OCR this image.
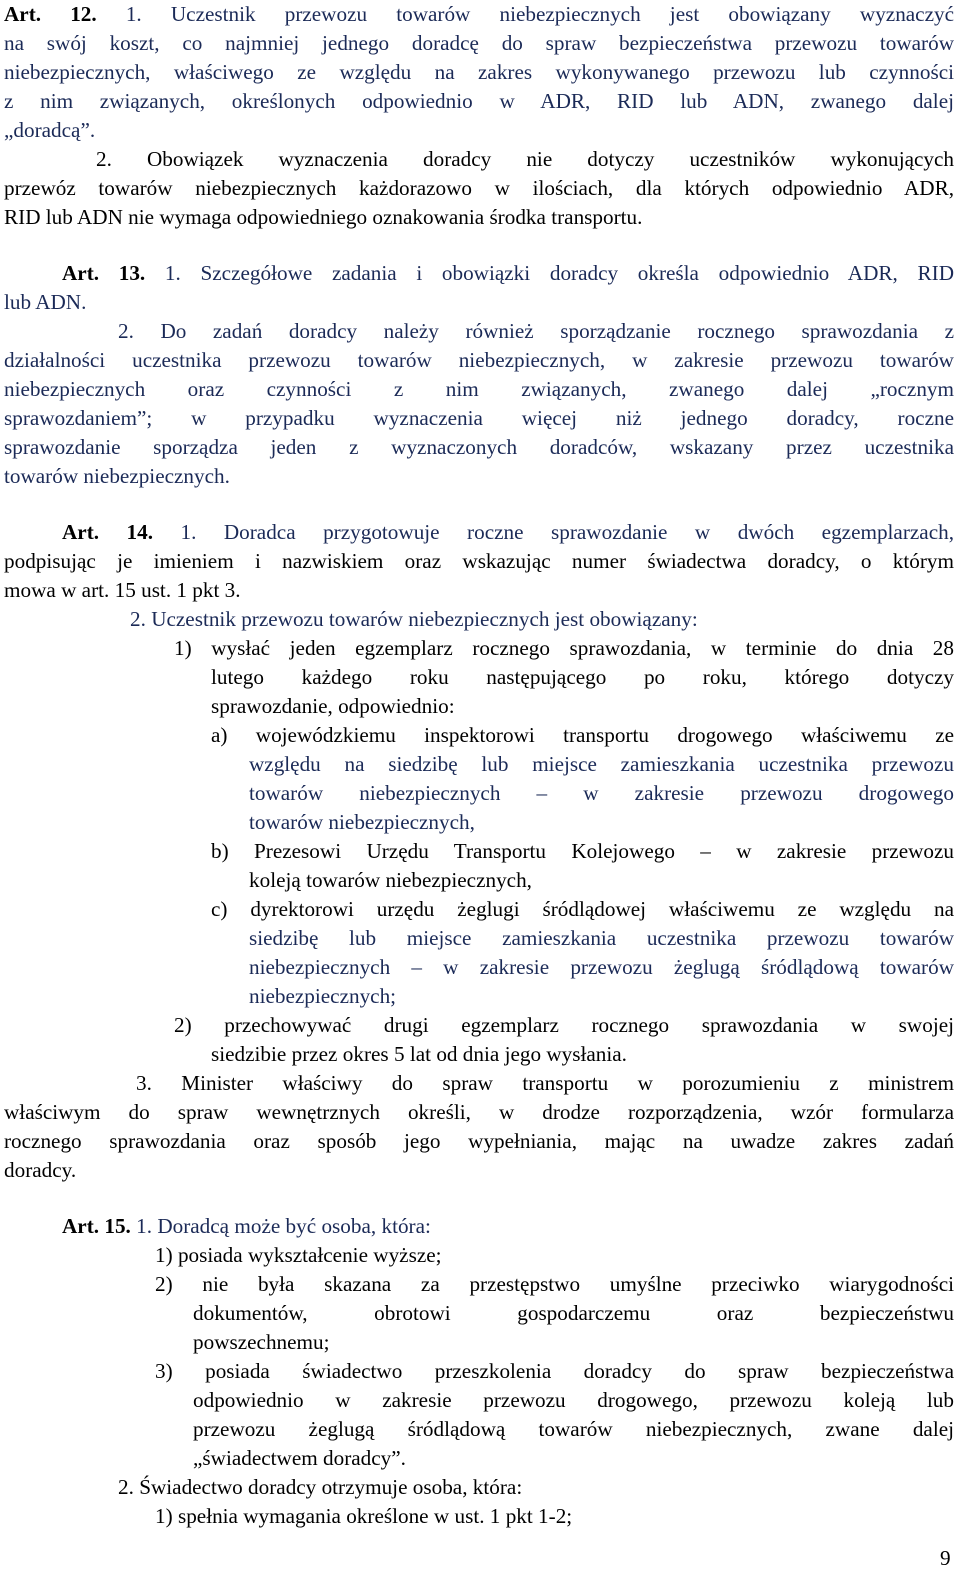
Art. 12. 1. Uczestnik przewozu towarów niebezpiecznych jest obowiązany wyznaczyć
na swój koszt, co najmniej jednego doradcę do spraw bezpieczeństwa przewozu towarów
niebezpiecznych, właściwego ze względu na zakres wykonywanego przewozu lub czynności
z nim związanych, określonych odpowiednio w ADR, RID lub ADN, zwanego dalej
„doradcą”.
2. Obowiązek wyznaczenia doradcy nie dotyczy uczestników wykonujących
przewóz towarów niebezpiecznych każdorazowo w ilościach, dla których odpowiednio ADR,
RID lub ADN nie wymaga odpowiedniego oznakowania środka transportu.
Art. 13. 1. Szczegółowe zadania i obowiązki doradcy określa odpowiednio ADR, RID
lub ADN.
2. Do zadań doradcy należy również sporządzanie rocznego sprawozdania z
działalności uczestnika przewozu towarów niebezpiecznych, w zakresie przewozu towarów
niebezpiecznych oraz czynności z nim związanych, zwanego dalej „rocznym
sprawozdaniem”; w przypadku wyznaczenia więcej niż jednego doradcy, roczne
sprawozdanie sporządza jeden z wyznaczonych doradców, wskazany przez uczestnika
towarów niebezpiecznych.
Art. 14. 1. Doradca przygotowuje roczne sprawozdanie w dwóch egzemplarzach,
podpisując je imieniem i nazwiskiem oraz wskazując numer świadectwa doradcy, o którym
mowa w art. 15 ust. 1 pkt 3.
2. Uczestnik przewozu towarów niebezpiecznych jest obowiązany:
1) wysłać jeden egzemplarz rocznego sprawozdania, w terminie do dnia 28
lutego każdego roku następującego po roku, którego dotyczy
sprawozdanie, odpowiednio:
a) wojewódzkiemu inspektorowi transportu drogowego właściwemu ze
względu na siedzibę lub miejsce zamieszkania uczestnika przewozu
towarów niebezpiecznych – w zakresie przewozu drogowego
towarów niebezpiecznych,
b) Prezesowi Urzędu Transportu Kolejowego – w zakresie przewozu
koleją towarów niebezpiecznych,
c) dyrektorowi urzędu żeglugi śródlądowej właściwemu ze względu na
siedzibę lub miejsce zamieszkania uczestnika przewozu towarów
niebezpiecznych – w zakresie przewozu żeglugą śródlądową towarów
niebezpiecznych;
2) przechowywać drugi egzemplarz rocznego sprawozdania w swojej
siedzibie przez okres 5 lat od dnia jego wysłania.
3. Minister właściwy do spraw transportu w porozumieniu z ministrem
właściwym do spraw wewnętrznych określi, w drodze rozporządzenia, wzór formularza
rocznego sprawozdania oraz sposób jego wypełniania, mając na uwadze zakres zadań
doradcy.
Art. 15. 1. Doradcą może być osoba, która:
1) posiada wykształcenie wyższe;
2) nie była skazana za przestępstwo umyślne przeciwko wiarygodności
dokumentów, obrotowi gospodarczemu oraz bezpieczeństwu
powszechnemu;
3) posiada świadectwo przeszkolenia doradcy do spraw bezpieczeństwa
odpowiednio w zakresie przewozu drogowego, przewozu koleją lub
przewozu żeglugą śródlądową towarów niebezpiecznych, zwane dalej
„świadectwem doradcy”.
2. Świadectwo doradcy otrzymuje osoba, która:
1) spełnia wymagania określone w ust. 1 pkt 1-2;
9
